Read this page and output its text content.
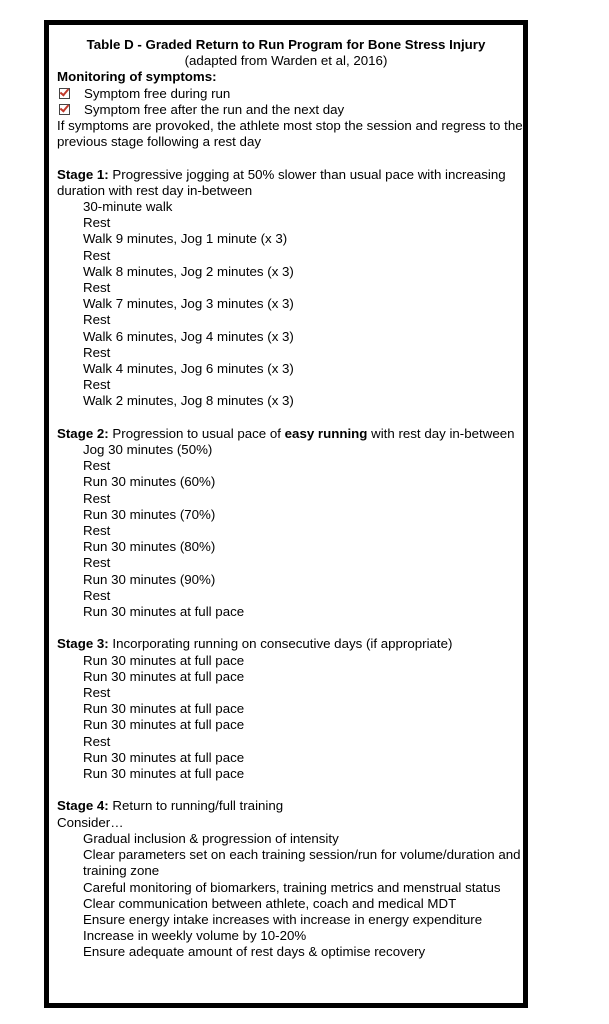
Table D - Graded Return to Run Program for Bone Stress Injury
(adapted from Warden et al, 2016)
Monitoring of symptoms:
Symptom free during run
Symptom free after the run and the next day
If symptoms are provoked, the athlete most stop the session and regress to the previous stage following a rest day
Stage 1: Progressive jogging at 50% slower than usual pace with increasing duration with rest day in-between
30-minute walk
Rest
Walk 9 minutes, Jog 1 minute (x 3)
Rest
Walk 8 minutes, Jog 2 minutes (x 3)
Rest
Walk 7 minutes, Jog 3 minutes (x 3)
Rest
Walk 6 minutes, Jog 4 minutes (x 3)
Rest
Walk 4 minutes, Jog 6 minutes (x 3)
Rest
Walk 2 minutes, Jog 8 minutes (x 3)
Stage 2: Progression to usual pace of easy running with rest day in-between
Jog 30 minutes (50%)
Rest
Run 30 minutes (60%)
Rest
Run 30 minutes (70%)
Rest
Run 30 minutes (80%)
Rest
Run 30 minutes (90%)
Rest
Run 30 minutes at full pace
Stage 3: Incorporating running on consecutive days (if appropriate)
Run 30 minutes at full pace
Run 30 minutes at full pace
Rest
Run 30 minutes at full pace
Run 30 minutes at full pace
Rest
Run 30 minutes at full pace
Run 30 minutes at full pace
Stage 4: Return to running/full training
Consider…
Gradual inclusion & progression of intensity
Clear parameters set on each training session/run for volume/duration and training zone
Careful monitoring of biomarkers, training metrics and menstrual status
Clear communication between athlete, coach and medical MDT
Ensure energy intake increases with increase in energy expenditure
Increase in weekly volume by 10-20%
Ensure adequate amount of rest days & optimise recovery
